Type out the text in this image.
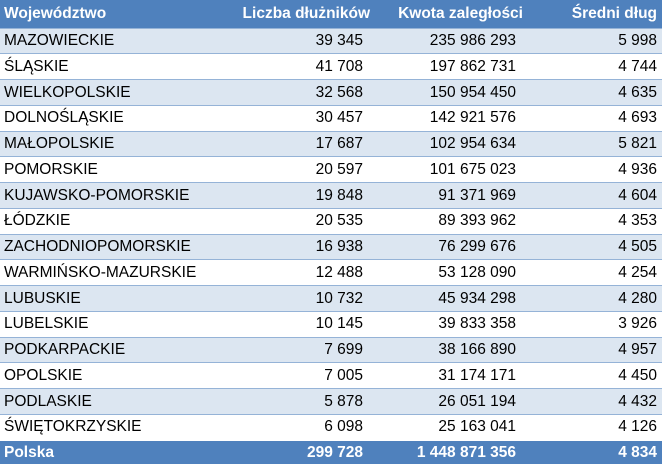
Województwo	Liczba dłużników	Kwota zaległości	Średni dług
MAZOWIECKIE	39 345	235 986 293	5 998
ŚLĄSKIE	41 708	197 862 731	4 744
WIELKOPOLSKIE	32 568	150 954 450	4 635
DOLNOŚLĄSKIE	30 457	142 921 576	4 693
MAŁOPOLSKIE	17 687	102 954 634	5 821
POMORSKIE	20 597	101 675 023	4 936
KUJAWSKO-POMORSKIE	19 848	91 371 969	4 604
ŁÓDZKIE	20 535	89 393 962	4 353
ZACHODNIOPOMORSKIE	16 938	76 299 676	4 505
WARMIŃSKO-MAZURSKIE	12 488	53 128 090	4 254
LUBUSKIE	10 732	45 934 298	4 280
LUBELSKIE	10 145	39 833 358	3 926
PODKARPACKIE	7 699	38 166 890	4 957
OPOLSKIE	7 005	31 174 171	4 450
PODLASKIE	5 878	26 051 194	4 432
ŚWIĘTOKRZYSKIE	6 098	25 163 041	4 126
Polska	299 728	1 448 871 356	4 834
